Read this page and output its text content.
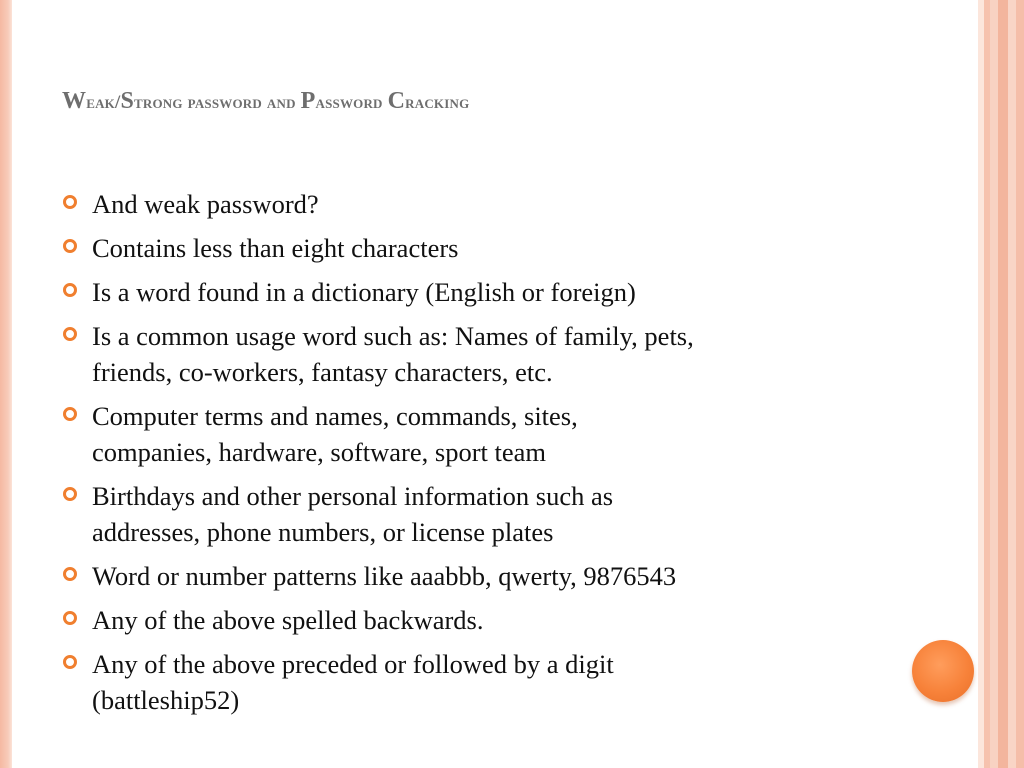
Weak/Strong password and Password Cracking
And weak password?
Contains less than eight characters
Is a word found in a dictionary (English or foreign)
Is a common usage word such as: Names of family, pets,
friends, co-workers, fantasy characters, etc.
Computer terms and names, commands, sites,
companies, hardware, software, sport team
Birthdays and other personal information such as
addresses, phone numbers, or license plates
Word or number patterns like aaabbb, qwerty, 9876543
Any of the above spelled backwards.
Any of the above preceded or followed by a digit
(battleship52)
